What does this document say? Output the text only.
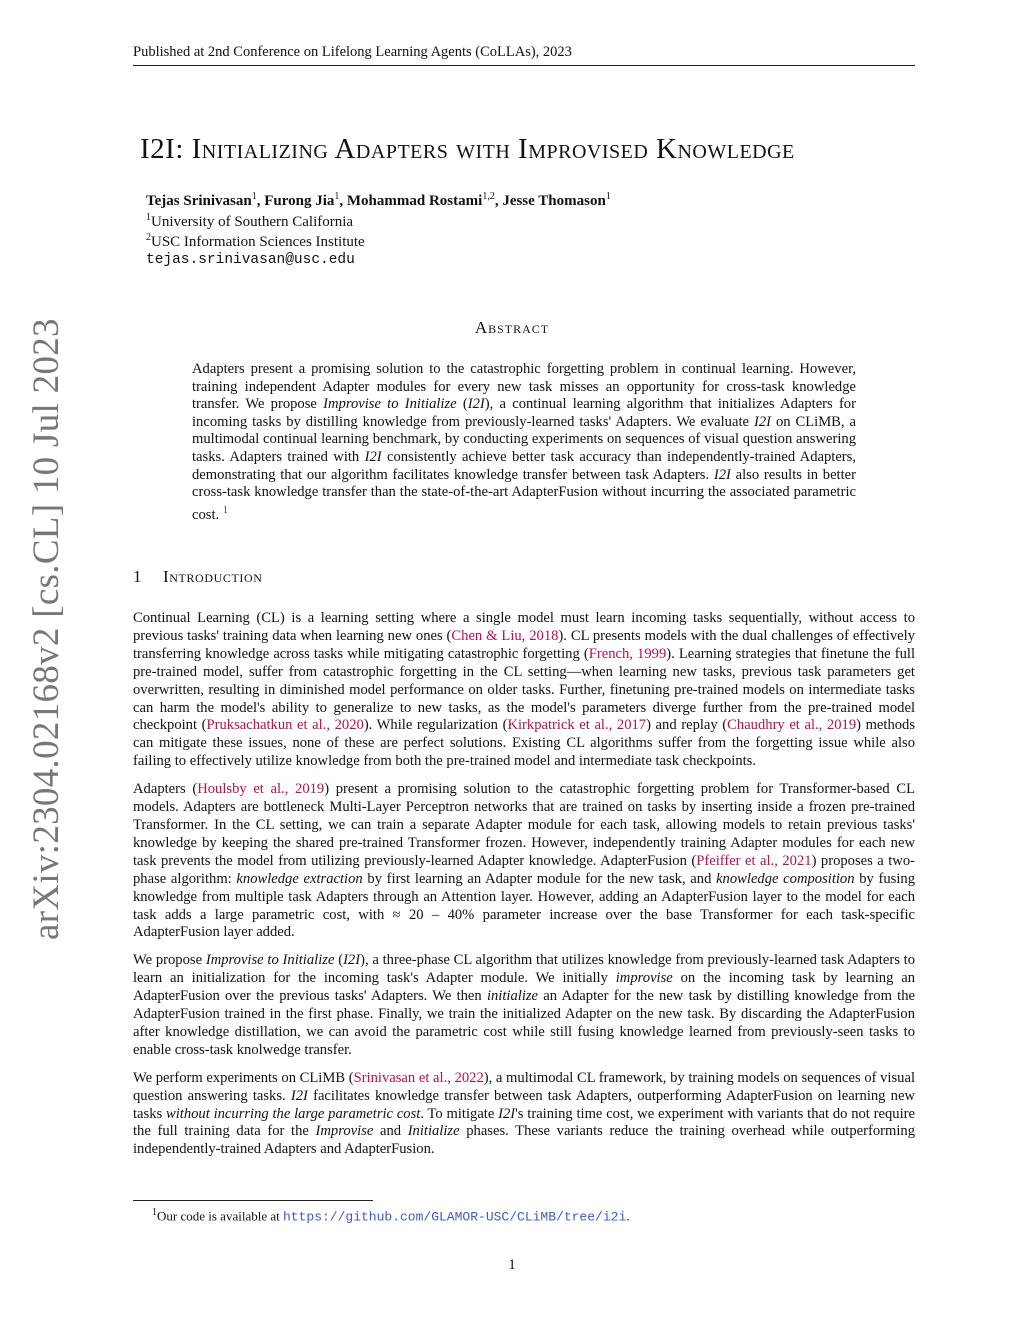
Published at 2nd Conference on Lifelong Learning Agents (CoLLAs), 2023
arXiv:2304.02168v2 [cs.CL] 10 Jul 2023
I2I: Initializing Adapters with Improvised Knowledge
Tejas Srinivasan$^1$, Furong Jia$^1$, Mohammad Rostami$^{1,2}$, Jesse Thomason$^1$
$^1$University of Southern California
$^2$USC Information Sciences Institute
tejas.srinivasan@usc.edu
Abstract
Adapters present a promising solution to the catastrophic forgetting problem in continual learning. However, training independent Adapter modules for every new task misses an opportunity for cross-task knowledge transfer. We propose Improvise to Initialize (I2I), a continual learning algorithm that initializes Adapters for incoming tasks by distilling knowledge from previously-learned tasks' Adapters. We evaluate I2I on CLiMB, a multimodal continual learning benchmark, by conducting experiments on sequences of visual question answering tasks. Adapters trained with I2I consistently achieve better task accuracy than independently-trained Adapters, demonstrating that our algorithm facilitates knowledge transfer between task Adapters. I2I also results in better cross-task knowledge transfer than the state-of-the-art AdapterFusion without incurring the associated parametric cost. $^1$
1 Introduction

Continual Learning (CL) is a learning setting where a single model must learn incoming tasks sequentially, without access to previous tasks' training data when learning new ones (Chen & Liu, 2018). CL presents models with the dual challenges of effectively transferring knowledge across tasks while mitigating catastrophic forgetting (French, 1999). Learning strategies that finetune the full pre-trained model, suffer from catastrophic forgetting in the CL setting—when learning new tasks, previous task parameters get overwritten, resulting in diminished model performance on older tasks. Further, finetuning pre-trained models on intermediate tasks can harm the model's ability to generalize to new tasks, as the model's parameters diverge further from the pre-trained model checkpoint (Pruksachatkun et al., 2020). While regularization (Kirkpatrick et al., 2017) and replay (Chaudhry et al., 2019) methods can mitigate these issues, none of these are perfect solutions. Existing CL algorithms suffer from the forgetting issue while also failing to effectively utilize knowledge from both the pre-trained model and intermediate task checkpoints.

Adapters (Houlsby et al., 2019) present a promising solution to the catastrophic forgetting problem for Transformer-based CL models. Adapters are bottleneck Multi-Layer Perceptron networks that are trained on tasks by inserting inside a frozen pre-trained Transformer. In the CL setting, we can train a separate Adapter module for each task, allowing models to retain previous tasks' knowledge by keeping the shared pre-trained Transformer frozen. However, independently training Adapter modules for each new task prevents the model from utilizing previously-learned Adapter knowledge. AdapterFusion (Pfeiffer et al., 2021) proposes a two-phase algorithm: knowledge extraction by first learning an Adapter module for the new task, and knowledge composition by fusing knowledge from multiple task Adapters through an Attention layer. However, adding an AdapterFusion layer to the model for each task adds a large parametric cost, with ≈ 20 – 40% parameter increase over the base Transformer for each task-specific AdapterFusion layer added.

We propose Improvise to Initialize (I2I), a three-phase CL algorithm that utilizes knowledge from previously-learned task Adapters to learn an initialization for the incoming task's Adapter module. We initially improvise on the incoming task by learning an AdapterFusion over the previous tasks' Adapters. We then initialize an Adapter for the new task by distilling knowledge from the AdapterFusion trained in the first phase. Finally, we train the initialized Adapter on the new task. By discarding the AdapterFusion after knowledge distillation, we can avoid the parametric cost while still fusing knowledge learned from previously-seen tasks to enable cross-task knolwedge transfer.

We perform experiments on CLiMB (Srinivasan et al., 2022), a multimodal CL framework, by training models on sequences of visual question answering tasks. I2I facilitates knowledge transfer between task Adapters, outperforming AdapterFusion on learning new tasks without incurring the large parametric cost. To mitigate I2I's training time cost, we experiment with variants that do not require the full training data for the Improvise and Initialize phases. These variants reduce the training overhead while outperforming independently-trained Adapters and AdapterFusion.

$^1$Our code is available at https://github.com/GLAMOR-USC/CLiMB/tree/i2i.
1
